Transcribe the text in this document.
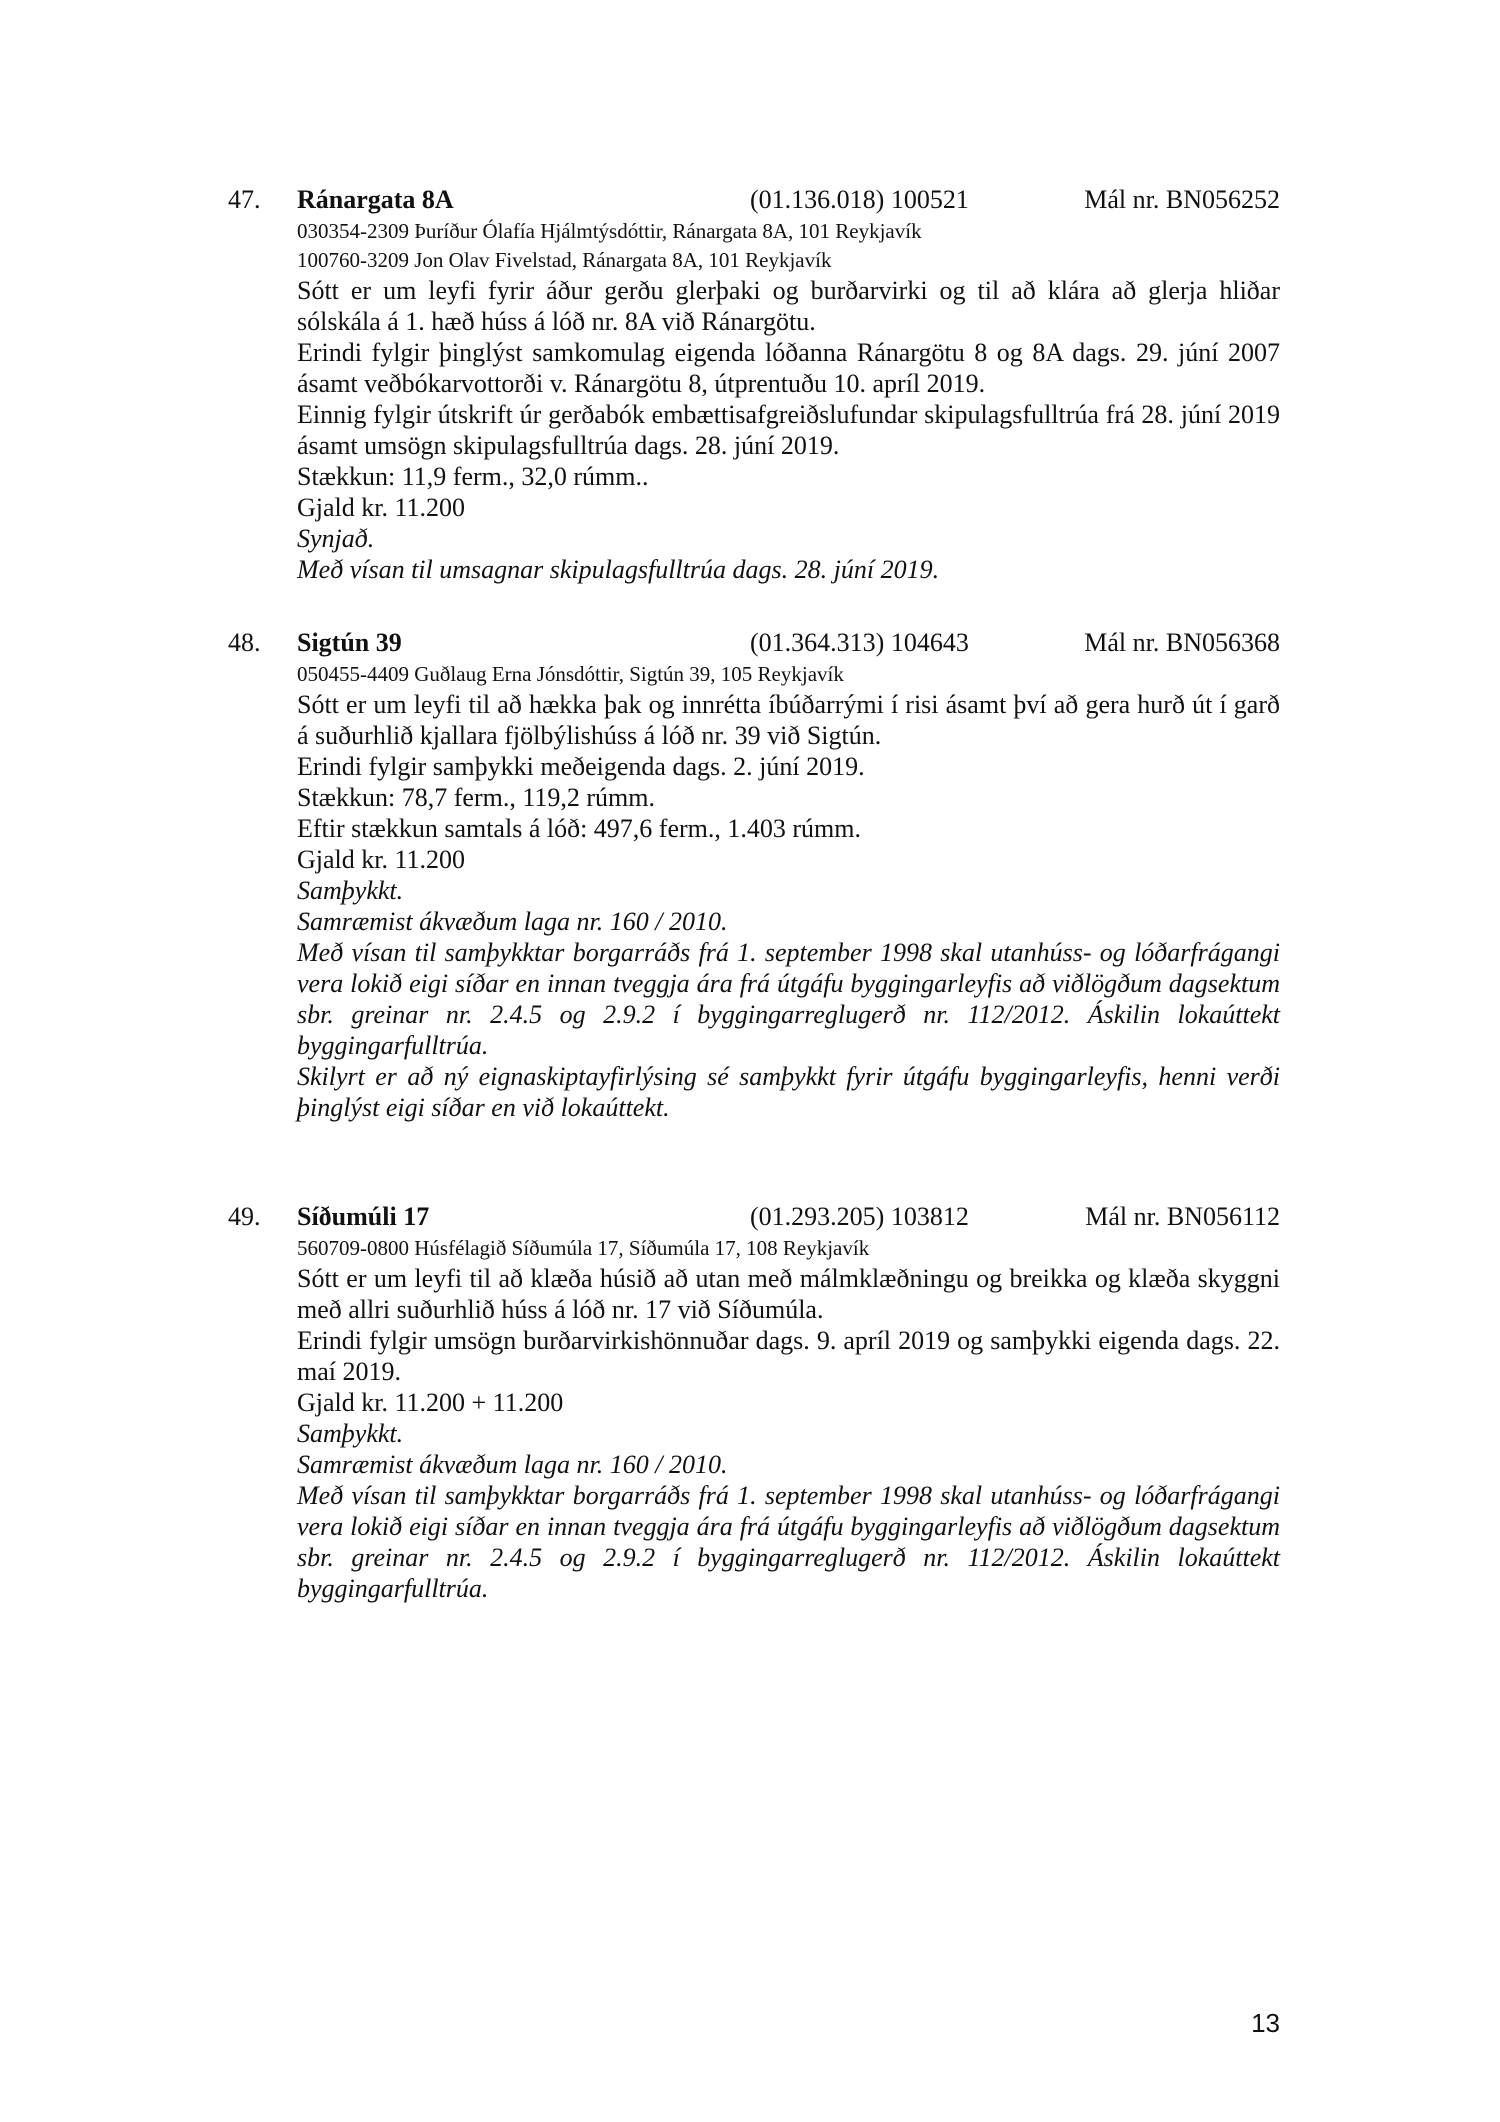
47. Ránargata 8A	(01.136.018) 100521	Mál nr. BN056252
030354-2309 Þuríður Ólafía Hjálmtýsdóttir, Ránargata 8A, 101 Reykjavík
100760-3209 Jon Olav Fivelstad, Ránargata 8A, 101 Reykjavík
Sótt er um leyfi fyrir áður gerðu glerþaki og burðarvirki og til að klára að glerja hliðar sólskála á 1. hæð húss á lóð nr. 8A við Ránargötu.
Erindi fylgir þinglýst samkomulag eigenda lóðanna Ránargötu 8 og 8A dags. 29. júní 2007 ásamt veðbókarvottorði v. Ránargötu 8, útprentuðu 10. apríl 2019.
Einnig fylgir útskrift úr gerðabók embættisafgreiðslufundar skipulagsfulltrúa frá 28. júní 2019 ásamt umsögn skipulagsfulltrúa dags. 28. júní 2019.
Stækkun: 11,9 ferm., 32,0 rúmm..
Gjald kr. 11.200
Synjað.
Með vísan til umsagnar skipulagsfulltrúa dags. 28. júní 2019.
48. Sigtún 39	(01.364.313) 104643	Mál nr. BN056368
050455-4409 Guðlaug Erna Jónsdóttir, Sigtún 39, 105 Reykjavík
Sótt er um leyfi til að hækka þak og innrétta íbúðarrými í risi ásamt því að gera hurð út í garð á suðurhlið kjallara fjölbýlishúss á lóð nr. 39 við Sigtún.
Erindi fylgir samþykki meðeigenda dags. 2. júní 2019.
Stækkun: 78,7 ferm., 119,2 rúmm.
Eftir stækkun samtals á lóð: 497,6 ferm., 1.403 rúmm.
Gjald kr. 11.200
Samþykkt.
Samræmist ákvæðum laga nr. 160 / 2010.
Með vísan til samþykktar borgarráðs frá 1. september 1998 skal utanhúss- og lóðarfrágangi vera lokið eigi síðar en innan tveggja ára frá útgáfu byggingarleyfis að viðlögðum dagsektum sbr. greinar nr. 2.4.5 og 2.9.2 í byggingarreglugerð nr. 112/2012. Áskilin lokaúttekt byggingarfulltrúa.
Skilyrt er að ný eignaskiptayfirlýsing sé samþykkt fyrir útgáfu byggingarleyfis, henni verði þinglýst eigi síðar en við lokaúttekt.
49. Síðumúli 17	(01.293.205) 103812	Mál nr. BN056112
560709-0800 Húsfélagið Síðumúla 17, Síðumúla 17, 108 Reykjavík
Sótt er um leyfi til að klæða húsið að utan með málmklæðningu og breikka og klæða skyggni með allri suðurhlið húss á lóð nr. 17 við Síðumúla.
Erindi fylgir umsögn burðarvirkishönnuðar dags. 9. apríl 2019 og samþykki eigenda dags. 22. maí 2019.
Gjald kr. 11.200 + 11.200
Samþykkt.
Samræmist ákvæðum laga nr. 160 / 2010.
Með vísan til samþykktar borgarráðs frá 1. september 1998 skal utanhúss- og lóðarfrágangi vera lokið eigi síðar en innan tveggja ára frá útgáfu byggingarleyfis að viðlögðum dagsektum sbr. greinar nr. 2.4.5 og 2.9.2 í byggingarreglugerð nr. 112/2012. Áskilin lokaúttekt byggingarfulltrúa.
13
